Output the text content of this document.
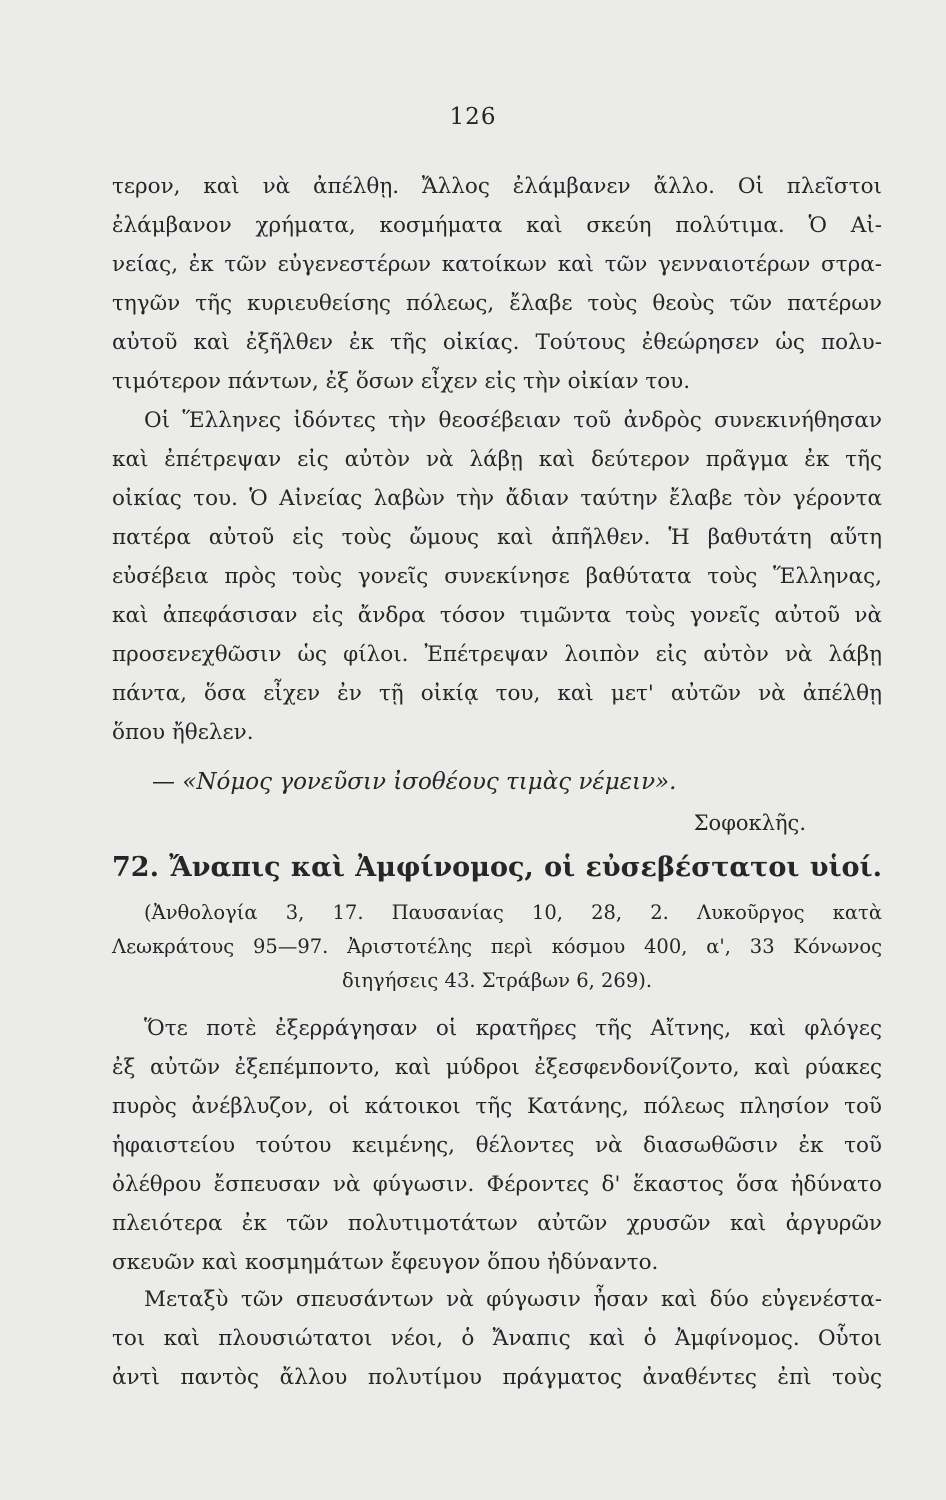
126
τερον, καὶ νὰ ἀπέλθῃ. Ἄλλος ἐλάμβανεν ἄλλο. Οἱ πλεῖστοι
ἐλάμβανον χρήματα, κοσμήματα καὶ σκεύη πολύτιμα. Ὁ Αἰ-
νείας, ἐκ τῶν εὐγενεστέρων κατοίκων καὶ τῶν γενναιοτέρων στρα-
τηγῶν τῆς κυριευθείσης πόλεως, ἔλαβε τοὺς θεοὺς τῶν πατέρων
αὐτοῦ καὶ ἐξῆλθεν ἐκ τῆς οἰκίας. Τούτους ἐθεώρησεν ὡς πολυ-
τιμότερον πάντων, ἐξ ὅσων εἶχεν εἰς τὴν οἰκίαν του.
Οἱ Ἕλληνες ἰδόντες τὴν θεοσέβειαν τοῦ ἀνδρὸς συνεκινήθησαν
καὶ ἐπέτρεψαν εἰς αὐτὸν νὰ λάβῃ καὶ δεύτερον πρᾶγμα ἐκ τῆς
οἰκίας του. Ὁ Αἰνείας λαβὼν τὴν ἄδιαν ταύτην ἔλαβε τὸν γέροντα
πατέρα αὐτοῦ εἰς τοὺς ὤμους καὶ ἀπῆλθεν. Ἡ βαθυτάτη αὕτη
εὐσέβεια πρὸς τοὺς γονεῖς συνεκίνησε βαθύτατα τοὺς Ἕλληνας,
καὶ ἀπεφάσισαν εἰς ἄνδρα τόσον τιμῶντα τοὺς γονεῖς αὐτοῦ νὰ
προσενεχθῶσιν ὡς φίλοι. Ἐπέτρεψαν λοιπὸν εἰς αὐτὸν νὰ λάβῃ
πάντα, ὅσα εἶχεν ἐν τῇ οἰκίᾳ του, καὶ μετ' αὐτῶν νὰ ἀπέλθῃ
ὅπου ἤθελεν.
— «Νόμος γονεῦσιν ἰσοθέους τιμὰς νέμειν».
Σοφοκλῆς.
72. Ἄναπις καὶ Ἀμφίνομος, οἱ εὐσεβέστατοι υἱοί.
(Ἀνθολογία 3, 17. Παυσανίας 10, 28, 2. Λυκοῦργος κατὰ
Λεωκράτους 95—97. Ἀριστοτέλης περὶ κόσμου 400, α', 33 Κόνωνος
διηγήσεις 43. Στράβων 6, 269).
Ὅτε ποτὲ ἐξερράγησαν οἱ κρατῆρες τῆς Αἴτνης, καὶ φλόγες
ἐξ αὐτῶν ἐξεπέμποντο, καὶ μύδροι ἐξεσφενδονίζοντο, καὶ ρύακες
πυρὸς ἀνέβλυζον, οἱ κάτοικοι τῆς Κατάνης, πόλεως πλησίον τοῦ
ἡφαιστείου τούτου κειμένης, θέλοντες νὰ διασωθῶσιν ἐκ τοῦ
ὀλέθρου ἔσπευσαν νὰ φύγωσιν. Φέροντες δ' ἕκαστος ὅσα ἠδύνατο
πλειότερα ἐκ τῶν πολυτιμοτάτων αὐτῶν χρυσῶν καὶ ἀργυρῶν
σκευῶν καὶ κοσμημάτων ἔφευγον ὅπου ἠδύναντο.
Μεταξὺ τῶν σπευσάντων νὰ φύγωσιν ἦσαν καὶ δύο εὐγενέστα-
τοι καὶ πλουσιώτατοι νέοι, ὁ Ἄναπις καὶ ὁ Ἀμφίνομος. Οὗτοι
ἀντὶ παντὸς ἄλλου πολυτίμου πράγματος ἀναθέντες ἐπὶ τοὺς
